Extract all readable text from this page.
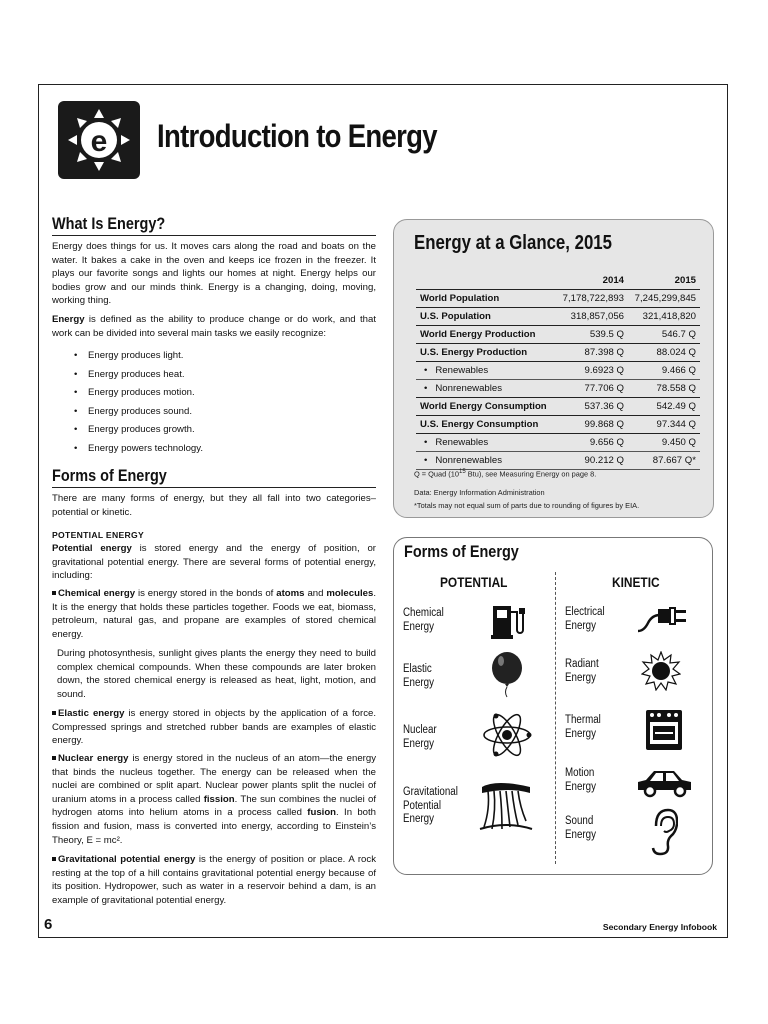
e Introduction to Energy
What Is Energy?
Energy does things for us. It moves cars along the road and boats on the water. It bakes a cake in the oven and keeps ice frozen in the freezer. It plays our favorite songs and lights our homes at night. Energy helps our bodies grow and our minds think. Energy is a changing, doing, moving, working thing.
Energy is defined as the ability to produce change or do work, and that work can be divided into several main tasks we easily recognize:
• Energy produces light.
• Energy produces heat.
• Energy produces motion.
• Energy produces sound.
• Energy produces growth.
• Energy powers technology.
Forms of Energy
There are many forms of energy, but they all fall into two categories–potential or kinetic.
POTENTIAL ENERGY
Potential energy is stored energy and the energy of position, or gravitational potential energy. There are several forms of potential energy, including:
Chemical energy is energy stored in the bonds of atoms and molecules. It is the energy that holds these particles together. Foods we eat, biomass, petroleum, natural gas, and propane are examples of stored chemical energy.
During photosynthesis, sunlight gives plants the energy they need to build complex chemical compounds. When these compounds are later broken down, the stored chemical energy is released as heat, light, motion, and sound.
Elastic energy is energy stored in objects by the application of a force. Compressed springs and stretched rubber bands are examples of elastic energy.
Nuclear energy is energy stored in the nucleus of an atom—the energy that binds the nucleus together. The energy can be released when the nuclei are combined or split apart. Nuclear power plants split the nuclei of uranium atoms in a process called fission. The sun combines the nuclei of hydrogen atoms into helium atoms in a process called fusion. In both fission and fusion, mass is converted into energy, according to Einstein’s Theory, E = mc².
Gravitational potential energy is the energy of position or place. A rock resting at the top of a hill contains gravitational potential energy because of its position. Hydropower, such as water in a reservoir behind a dam, is an example of gravitational potential energy.
Energy at a Glance, 2015
2014	2015
World Population	7,178,722,893 7,245,299,845
U.S. Population	318,857,056 321,418,820
World Energy Production	539.5 Q	546.7 Q
U.S. Energy Production	87.398 Q	88.024 Q
•   Renewables	9.6923 Q	9.466 Q
•   Nonrenewables	77.706 Q	78.558 Q
World Energy Consumption	537.36 Q	542.49 Q
U.S. Energy Consumption	99.868 Q	97.344 Q
•   Renewables	9.656 Q	9.450 Q
•   Nonrenewables	90.212 Q	87.667 Q*
Q = Quad ($10^{15}$ Btu), see Measuring Energy on page 8.
Data: Energy Information Administration
*Totals may not equal sum of parts due to rounding of figures by EIA.
Forms of Energy
POTENTIAL	KINETIC
Chemical Energy
Elastic Energy
Nuclear Energy
Gravitational Potential Energy
Electrical Energy
Radiant Energy
Thermal Energy
Motion Energy
Sound Energy
6	Secondary Energy Infobook
